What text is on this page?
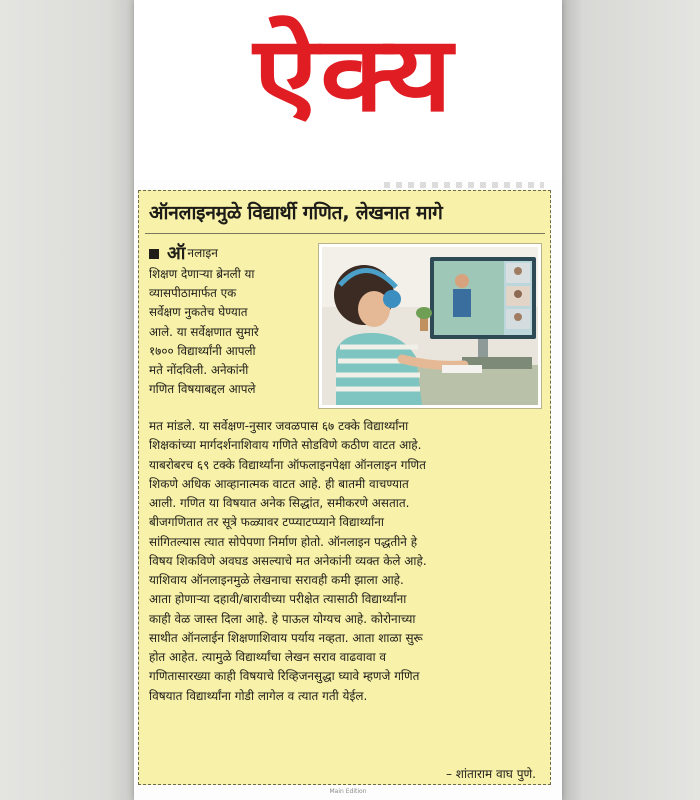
ऐक्य
ऑनलाइनमुळे विद्यार्थी गणित, लेखनात मागे
ऑ नलाइन

शिक्षण देणाऱ्या ब्रेनली या

व्यासपीठामार्फत एक

सर्वेक्षण नुकतेच घेण्यात

आले. या सर्वेक्षणात सुमारे

१७०० विद्यार्थ्यांनी आपली

मते नोंदविली. अनेकांनी

गणित विषयाबद्दल आपले

मत मांडले. या सर्वेक्षण-नुसार जवळपास ६७ टक्के विद्यार्थ्यांना
शिक्षकांच्या मार्गदर्शनाशिवाय गणिते सोडविणे कठीण वाटत आहे.
याबरोबरच ६९ टक्के विद्यार्थ्यांना ऑफलाइनपेक्षा ऑनलाइन गणित
शिकणे अधिक आव्हानात्मक वाटत आहे. ही बातमी वाचण्यात
आली. गणित या विषयात अनेक सिद्धांत, समीकरणे असतात.
बीजगणितात तर सूत्रे फळ्यावर टप्प्याटप्प्याने विद्यार्थ्यांना
सांगितल्यास त्यात सोपेपणा निर्माण होतो. ऑनलाइन पद्धतीने हे
विषय शिकविणे अवघड असल्याचे मत अनेकांनी व्यक्त केले आहे.
याशिवाय ऑनलाइनमुळे लेखनाचा सरावही कमी झाला आहे.
आता होणाऱ्या दहावी/बारावीच्या परीक्षेत त्यासाठी विद्यार्थ्यांना
काही वेळ जास्त दिला आहे. हे पाऊल योग्यच आहे. कोरोनाच्या
साथीत ऑनलाईन शिक्षणाशिवाय पर्याय नव्हता. आता शाळा सुरू
होत आहेत. त्यामुळे विद्यार्थ्यांचा लेखन सराव वाढवावा व
गणितासारख्या काही विषयाचे रिव्हिजनसुद्धा घ्यावे म्हणजे गणित
विषयात विद्यार्थ्यांना गोडी लागेल व त्यात गती येईल.
– शांताराम वाघ पुणे.
Main Edition
